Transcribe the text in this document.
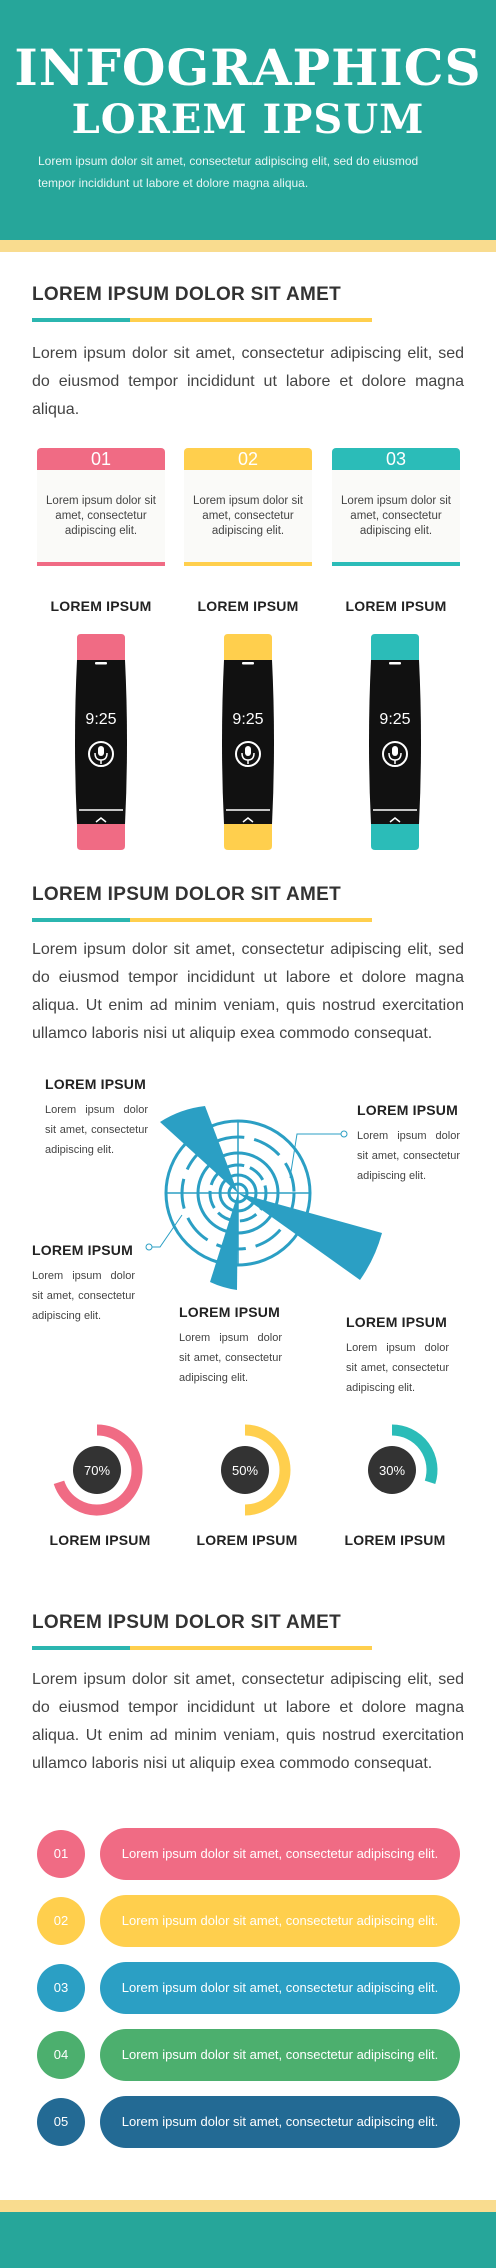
INFOGRAPHICS
LOREM IPSUM
Lorem ipsum dolor sit amet, consectetur adipiscing elit, sed do eiusmod tempor incididunt ut labore et dolore magna aliqua.
LOREM IPSUM DOLOR SIT AMET
Lorem ipsum dolor sit amet, consectetur adipiscing elit, sed do eiusmod tempor incididunt ut labore et dolore magna aliqua.
01
Lorem ipsum dolor sit amet, consectetur adipiscing elit.
02
Lorem ipsum dolor sit amet, consectetur adipiscing elit.
03
Lorem ipsum dolor sit amet, consectetur adipiscing elit.
LOREM IPSUM	LOREM IPSUM	LOREM IPSUM
9:25	9:25	9:25
LOREM IPSUM DOLOR SIT AMET
Lorem ipsum dolor sit amet, consectetur adipiscing elit, sed do eiusmod tempor incididunt ut labore et dolore magna aliqua. Ut enim ad minim veniam, quis nostrud exercitation ullamco laboris nisi ut aliquip exea commodo consequat.
LOREM IPSUM
Lorem ipsum dolor sit amet, consectetur adipiscing elit.
LOREM IPSUM
Lorem ipsum dolor sit amet, consectetur adipiscing elit.
LOREM IPSUM
Lorem ipsum dolor sit amet, consectetur adipiscing elit.	LOREM IPSUM
Lorem ipsum dolor sit amet, consectetur adipiscing elit.
LOREM IPSUM
Lorem ipsum dolor sit amet, consectetur adipiscing elit.
70%	50%	30%
LOREM IPSUM	LOREM IPSUM	LOREM IPSUM
LOREM IPSUM DOLOR SIT AMET
Lorem ipsum dolor sit amet, consectetur adipiscing elit, sed do eiusmod tempor incididunt ut labore et dolore magna aliqua. Ut enim ad minim veniam, quis nostrud exercitation ullamco laboris nisi ut aliquip exea commodo consequat.
01	Lorem ipsum dolor sit amet, consectetur adipiscing elit.
02	Lorem ipsum dolor sit amet, consectetur adipiscing elit.
03	Lorem ipsum dolor sit amet, consectetur adipiscing elit.
04	Lorem ipsum dolor sit amet, consectetur adipiscing elit.
05	Lorem ipsum dolor sit amet, consectetur adipiscing elit.
